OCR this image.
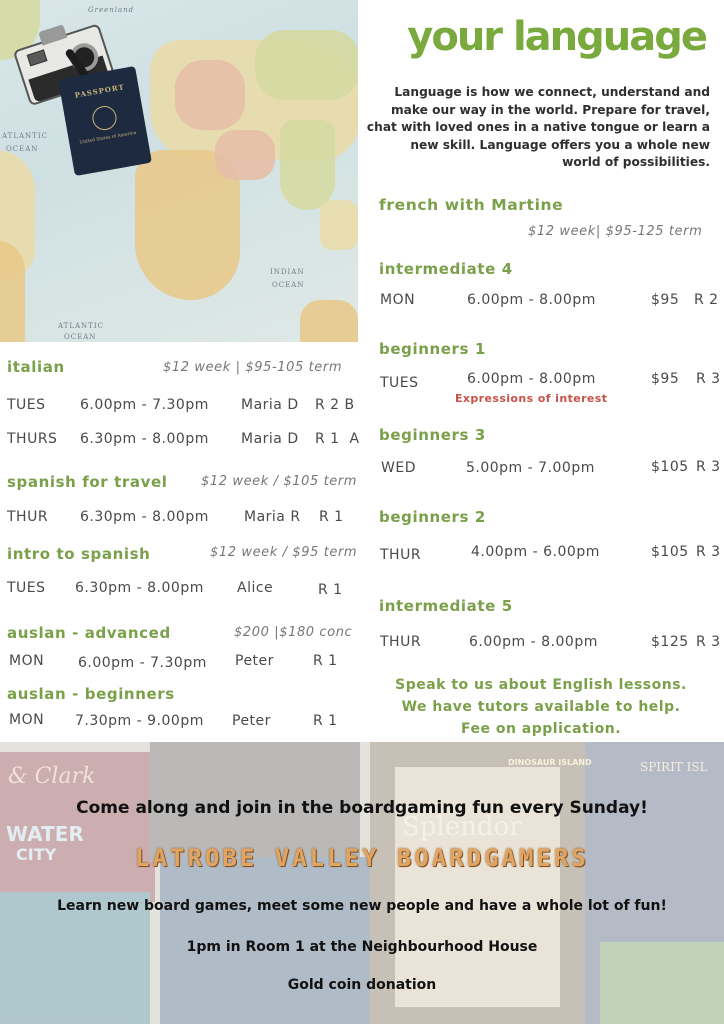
Greenland
ATLANTIC
OCEAN
INDIAN
OCEAN
ATLANTIC
OCEAN
PASSPORT
United States of America
your language
Language is how we connect, understand and
make our way in the world. Prepare for travel,
chat with loved ones in a native tongue or learn a
new skill. Language offers you a whole new
world of possibilities.
italian	$12 week | $95-105 term
TUES 6.00pm - 7.30pm Maria D R 2 B
THURS 6.30pm - 8.00pm Maria D R 1  A
spanish for travel	$12 week / $105 term
THUR 6.30pm - 8.00pm	Maria R R 1
intro to spanish	$12 week / $95 term
TUES 6.30pm - 8.00pm Alice	R 1
auslan - advanced	$200 |$180 conc
MON 6.00pm - 7.30pm Peter	R 1
auslan - beginners
MON 7.30pm - 9.00pm Peter	R 1
french with Martine
$12 week| $95-125 term
intermediate 4
MON	6.00pm - 8.00pm	$95 R 2
beginners 1
TUES	6.00pm - 8.00pm	$95 R 3
Expressions of interest
beginners 3
WED	5.00pm - 7.00pm	$105 R 3
beginners 2
THUR	4.00pm - 6.00pm	$105 R 3
intermediate 5
THUR	6.00pm - 8.00pm	$125 R 3
Speak to us about English lessons.
We have tutors available to help.
Fee on application.
Come along and join in the boardgaming fun every Sunday!
LATROBE VALLEY BOARDGAMERS
Learn new board games, meet some new people and have a whole lot of fun!
1pm in Room 1 at the Neighbourhood House
Gold coin donation
